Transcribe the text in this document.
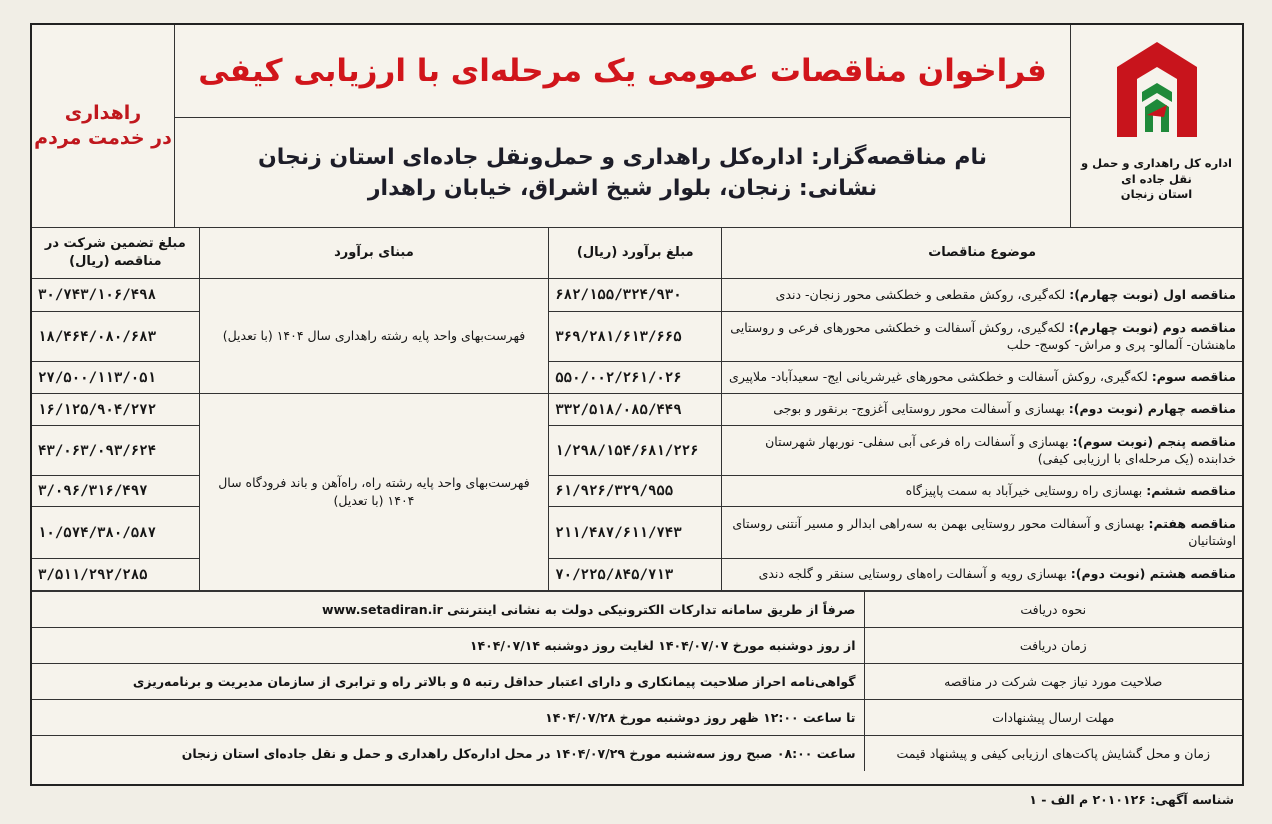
اداره کل راهداری و حمل و نقل جاده ای
استان زنجان
فراخوان مناقصات عمومی یک مرحله‌ای با ارزیابی کیفی
نام مناقصه‌گزار: اداره‌کل راهداری و حمل‌ونقل جاده‌ای استان زنجان
نشانی: زنجان، بلوار شیخ اشراق، خیابان راهدار
راهداری
در خدمت مردم
موضوع مناقصات	مبلغ برآورد (ریال)	مبنای برآورد	مبلغ تضمین شرکت در مناقصه (ریال)
مناقصه اول (نوبت چهارم): لکه‌گیری، روکش مقطعی و خطکشی محور زنجان- دندی	۶۸۲/۱۵۵/۳۲۴/۹۳۰	فهرست‌بهای واحد پایه رشته راهداری سال ۱۴۰۴ (با تعدیل)	۳۰/۷۴۳/۱۰۶/۴۹۸
مناقصه دوم (نوبت چهارم): لکه‌گیری، روکش آسفالت و خطکشی محورهای فرعی و روستایی ماهنشان- آلمالو- پری و مراش- کوسج- حلب	۳۶۹/۲۸۱/۶۱۳/۶۶۵		۱۸/۴۶۴/۰۸۰/۶۸۳
مناقصه سوم: لکه‌گیری، روکش آسفالت و خطکشی محورهای غیرشریانی ایج- سعیدآباد- ملاپیری	۵۵۰/۰۰۲/۲۶۱/۰۲۶		۲۷/۵۰۰/۱۱۳/۰۵۱
مناقصه چهارم (نوبت دوم): بهسازی و آسفالت محور روستایی آغزوج- برنقور و بوجی	۳۳۲/۵۱۸/۰۸۵/۴۴۹	فهرست‌بهای واحد پایه رشته راه، راه‌آهن و باند فرودگاه سال ۱۴۰۴ (با تعدیل)	۱۶/۱۲۵/۹۰۴/۲۷۲
مناقصه پنجم (نوبت سوم): بهسازی و آسفالت راه فرعی آبی سفلی- نوربهار شهرستان خدابنده (یک مرحله‌ای با ارزیابی کیفی)	۱/۲۹۸/۱۵۴/۶۸۱/۲۲۶		۴۳/۰۶۳/۰۹۳/۶۲۴
مناقصه ششم: بهسازی راه روستایی خیرآباد به سمت پاپیزگاه	۶۱/۹۲۶/۳۲۹/۹۵۵		۳/۰۹۶/۳۱۶/۴۹۷
مناقصه هفتم: بهسازی و آسفالت محور روستایی بهمن به سه‌راهی ابدالر و مسیر آنتنی روستای اوشتانیان	۲۱۱/۴۸۷/۶۱۱/۷۴۳		۱۰/۵۷۴/۳۸۰/۵۸۷
مناقصه هشتم (نوبت دوم): بهسازی رویه و آسفالت راه‌های روستایی سنقر و گلجه دندی	۷۰/۲۲۵/۸۴۵/۷۱۳		۳/۵۱۱/۲۹۲/۲۸۵
نحوه دریافت	صرفاً از طریق سامانه تدارکات الکترونیکی دولت به نشانی اینترنتی www.setadiran.ir
زمان دریافت	از روز دوشنبه مورخ ۱۴۰۴/۰۷/۰۷ لغایت روز دوشنبه ۱۴۰۴/۰۷/۱۴
صلاحیت مورد نیاز جهت شرکت در مناقصه	گواهی‌نامه احراز صلاحیت پیمانکاری و دارای اعتبار حداقل رتبه ۵ و بالاتر راه و ترابری از سازمان مدیریت و برنامه‌ریزی
مهلت ارسال پیشنهادات	تا ساعت ۱۲:۰۰ ظهر روز دوشنبه مورخ ۱۴۰۴/۰۷/۲۸
زمان و محل گشایش پاکت‌های ارزیابی کیفی و پیشنهاد قیمت	ساعت ۰۸:۰۰ صبح روز سه‌شنبه مورخ ۱۴۰۴/۰۷/۲۹ در محل اداره‌کل راهداری و حمل و نقل جاده‌ای استان زنجان
شناسه آگهی: ۲۰۱۰۱۲۶ م الف - ۱
